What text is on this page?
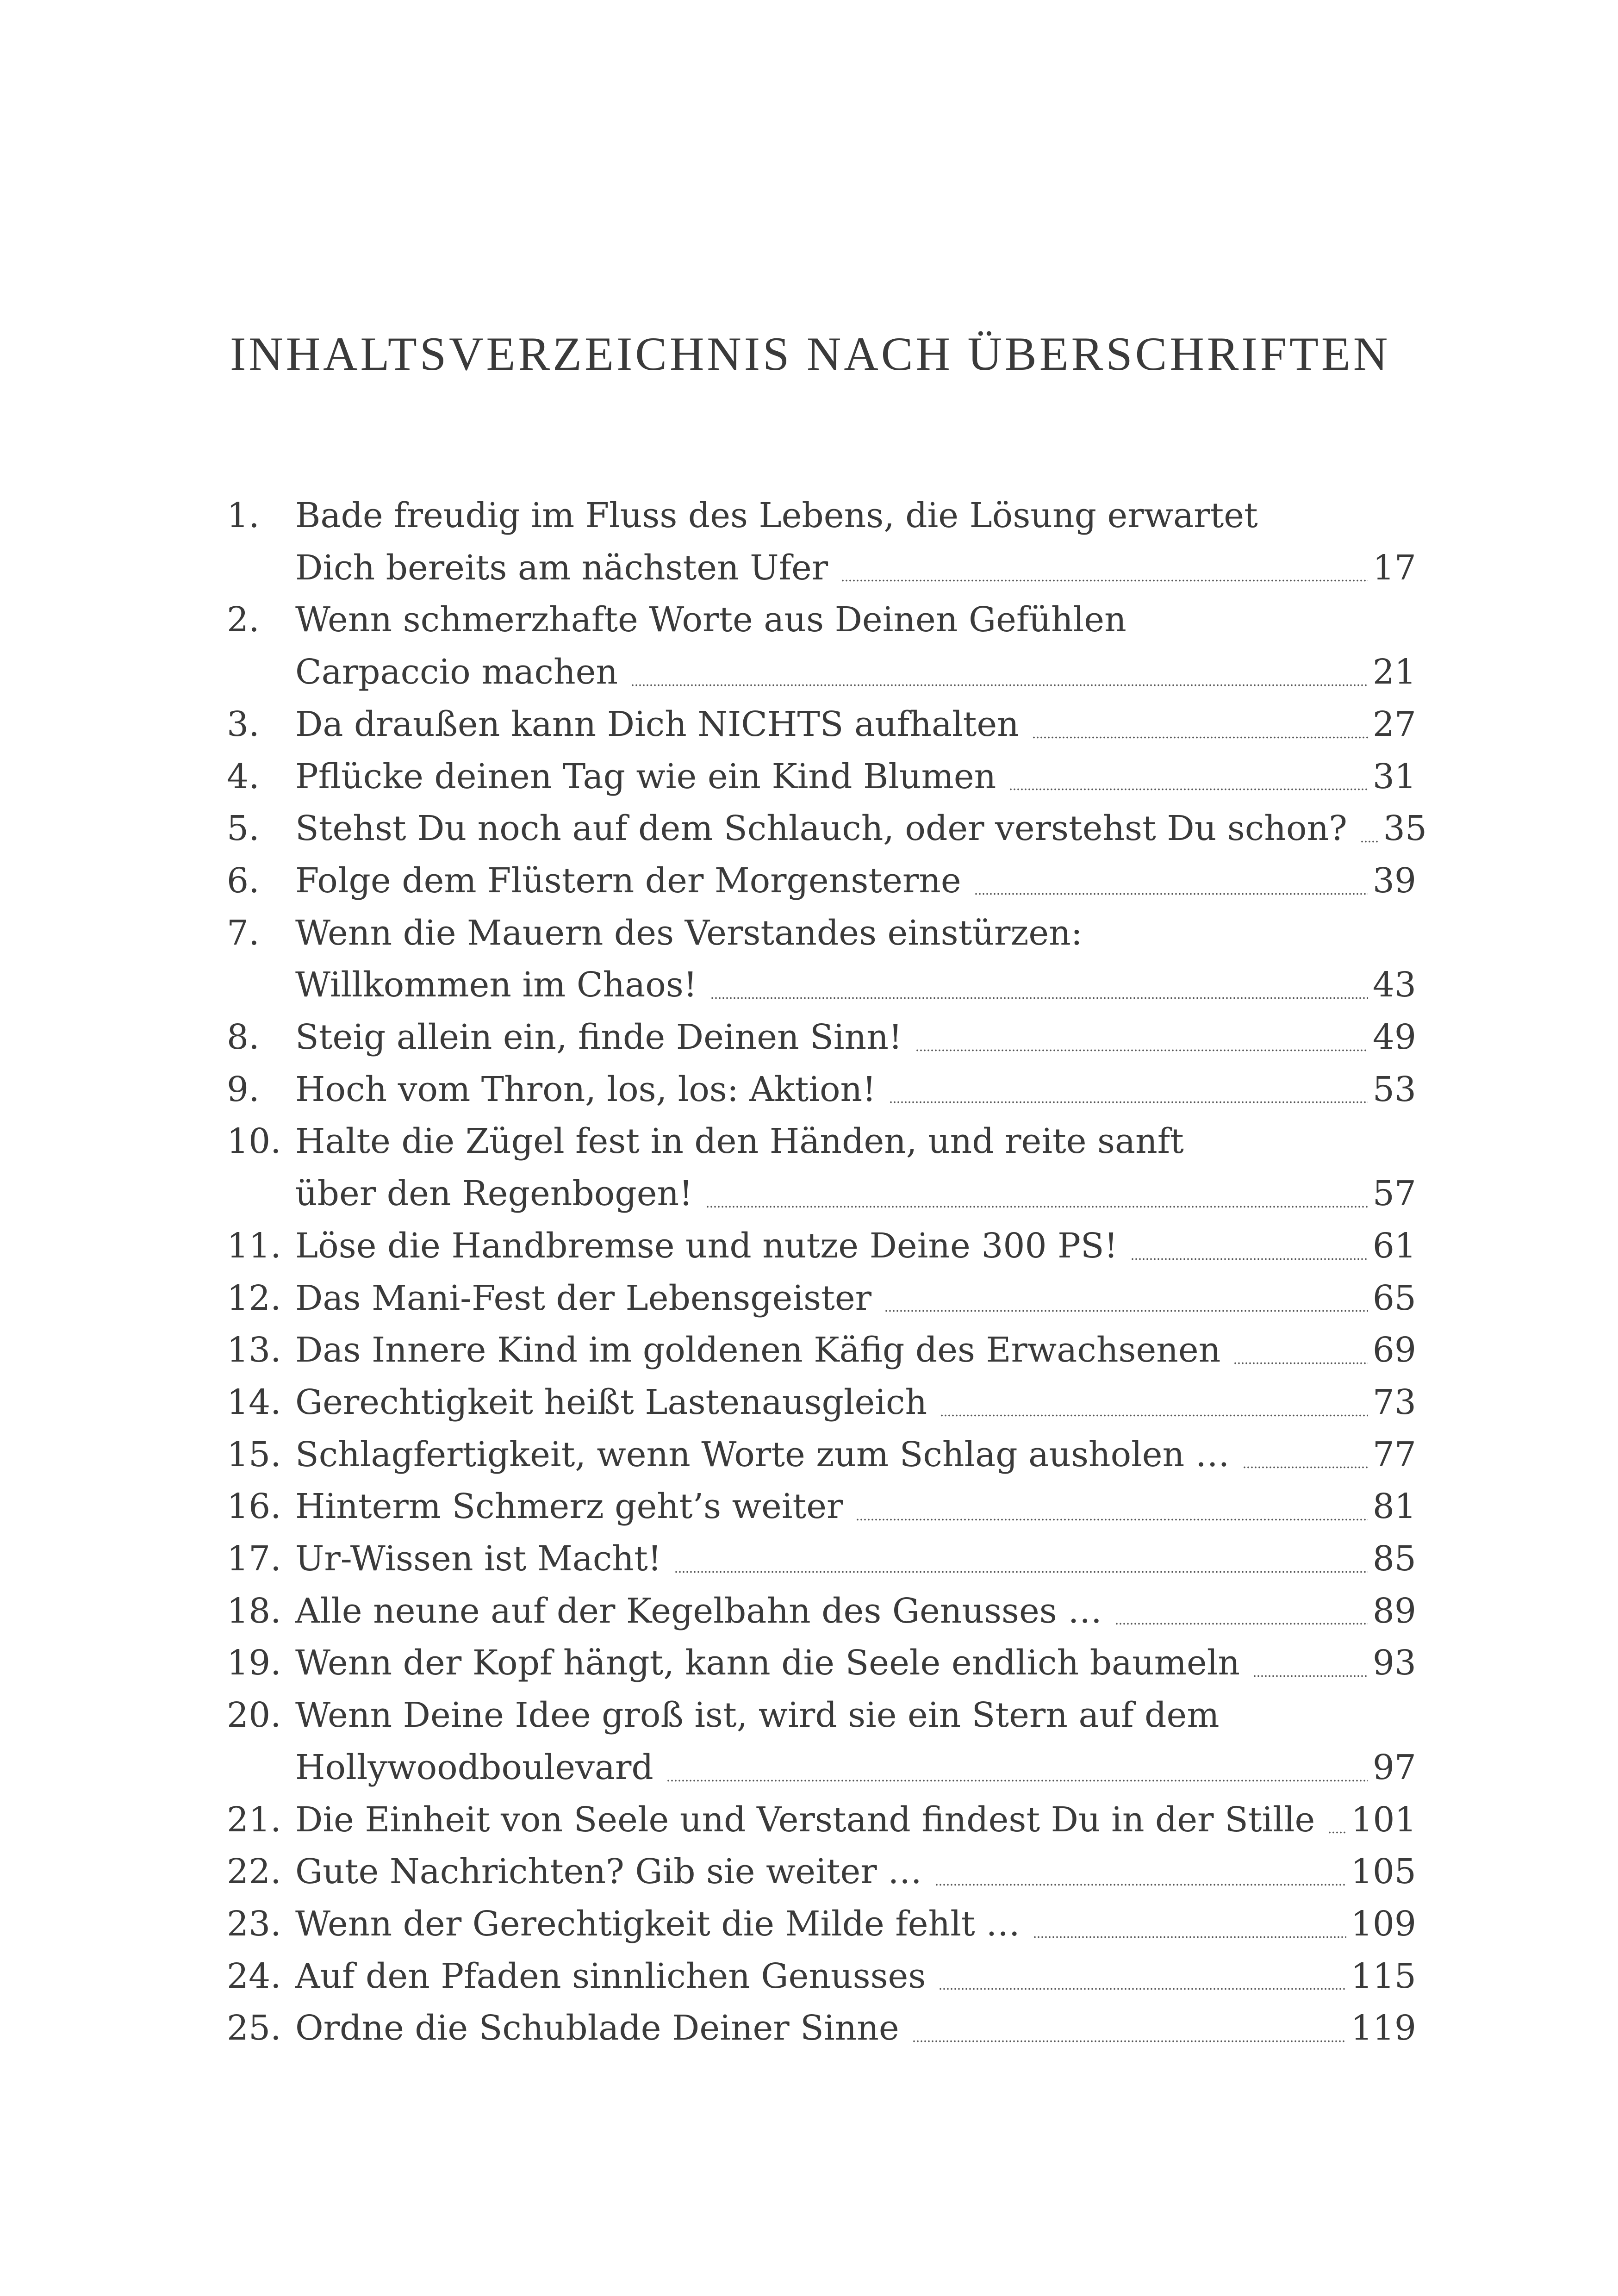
INHALTSVERZEICHNIS NACH ÜBERSCHRIFTEN
1.	Bade freudig im Fluss des Lebens, die Lösung erwartet
Dich bereits am nächsten Ufer	17
2.	Wenn schmerzhafte Worte aus Deinen Gefühlen
Carpaccio machen	21
3.	Da draußen kann Dich NICHTS aufhalten	27
4.	Pflücke deinen Tag wie ein Kind Blumen	31
5.	Stehst Du noch auf dem Schlauch, oder verstehst Du schon? 35
6.	Folge dem Flüstern der Morgensterne	39
7.	Wenn die Mauern des Verstandes einstürzen:
Willkommen im Chaos!	43
8.	Steig allein ein, finde Deinen Sinn!	49
9.	Hoch vom Thron, los, los: Aktion!	53
10. Halte die Zügel fest in den Händen, und reite sanft
über den Regenbogen!	57
11. Löse die Handbremse und nutze Deine 300 PS!	61
12. Das Mani-Fest der Lebensgeister	65
13. Das Innere Kind im goldenen Käfig des Erwachsenen	69
14. Gerechtigkeit heißt Lastenausgleich	73
15. Schlagfertigkeit, wenn Worte zum Schlag ausholen …	77
16. Hinterm Schmerz geht’s weiter	81
17. Ur-Wissen ist Macht!	85
18. Alle neune auf der Kegelbahn des Genusses …	89
19. Wenn der Kopf hängt, kann die Seele endlich baumeln	93
20. Wenn Deine Idee groß ist, wird sie ein Stern auf dem
Hollywoodboulevard	97
21. Die Einheit von Seele und Verstand findest Du in der Stille 101
22. Gute Nachrichten? Gib sie weiter …	105
23. Wenn der Gerechtigkeit die Milde fehlt …	109
24. Auf den Pfaden sinnlichen Genusses	115
25. Ordne die Schublade Deiner Sinne	119
